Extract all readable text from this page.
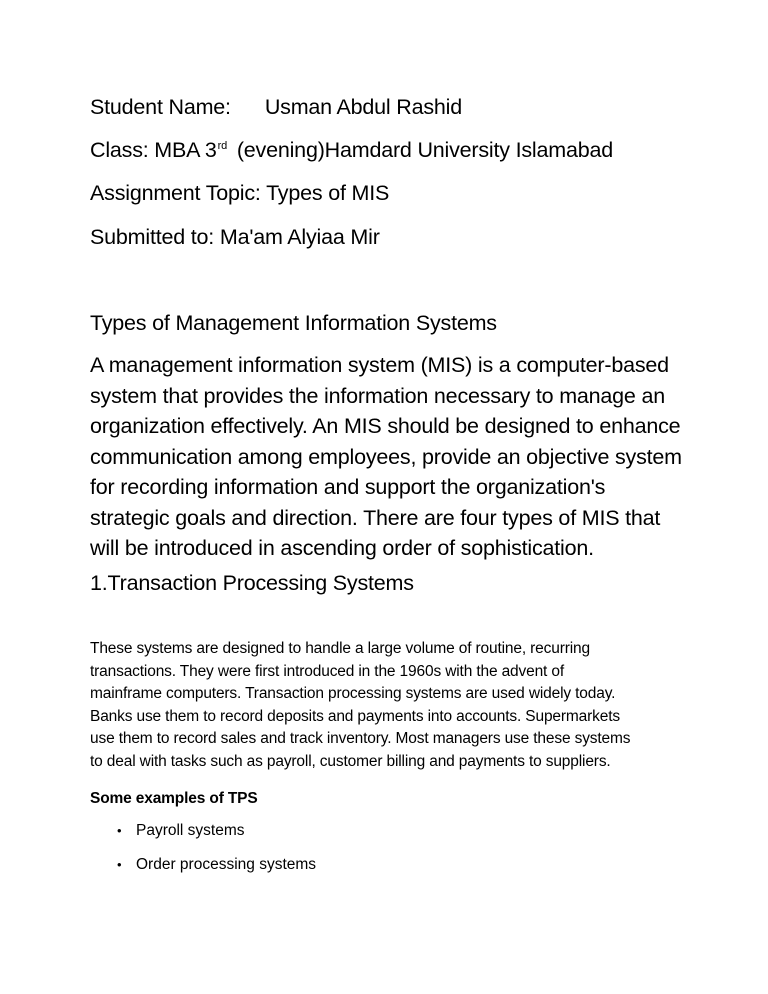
Student Name: Usman Abdul Rashid
Class: MBA 3rd (evening)Hamdard University Islamabad
Assignment Topic: Types of MIS
Submitted to: Ma'am Alyiaa Mir
Types of Management Information Systems
A management information system (MIS) is a computer-based
system that provides the information necessary to manage an
organization effectively. An MIS should be designed to enhance
communication among employees, provide an objective system
for recording information and support the organization's
strategic goals and direction. There are four types of MIS that
will be introduced in ascending order of sophistication.
1.Transaction Processing Systems
These systems are designed to handle a large volume of routine, recurring
transactions. They were first introduced in the 1960s with the advent of
mainframe computers. Transaction processing systems are used widely today.
Banks use them to record deposits and payments into accounts. Supermarkets
use them to record sales and track inventory. Most managers use these systems
to deal with tasks such as payroll, customer billing and payments to suppliers.
Some examples of TPS
• Payroll systems
• Order processing systems
